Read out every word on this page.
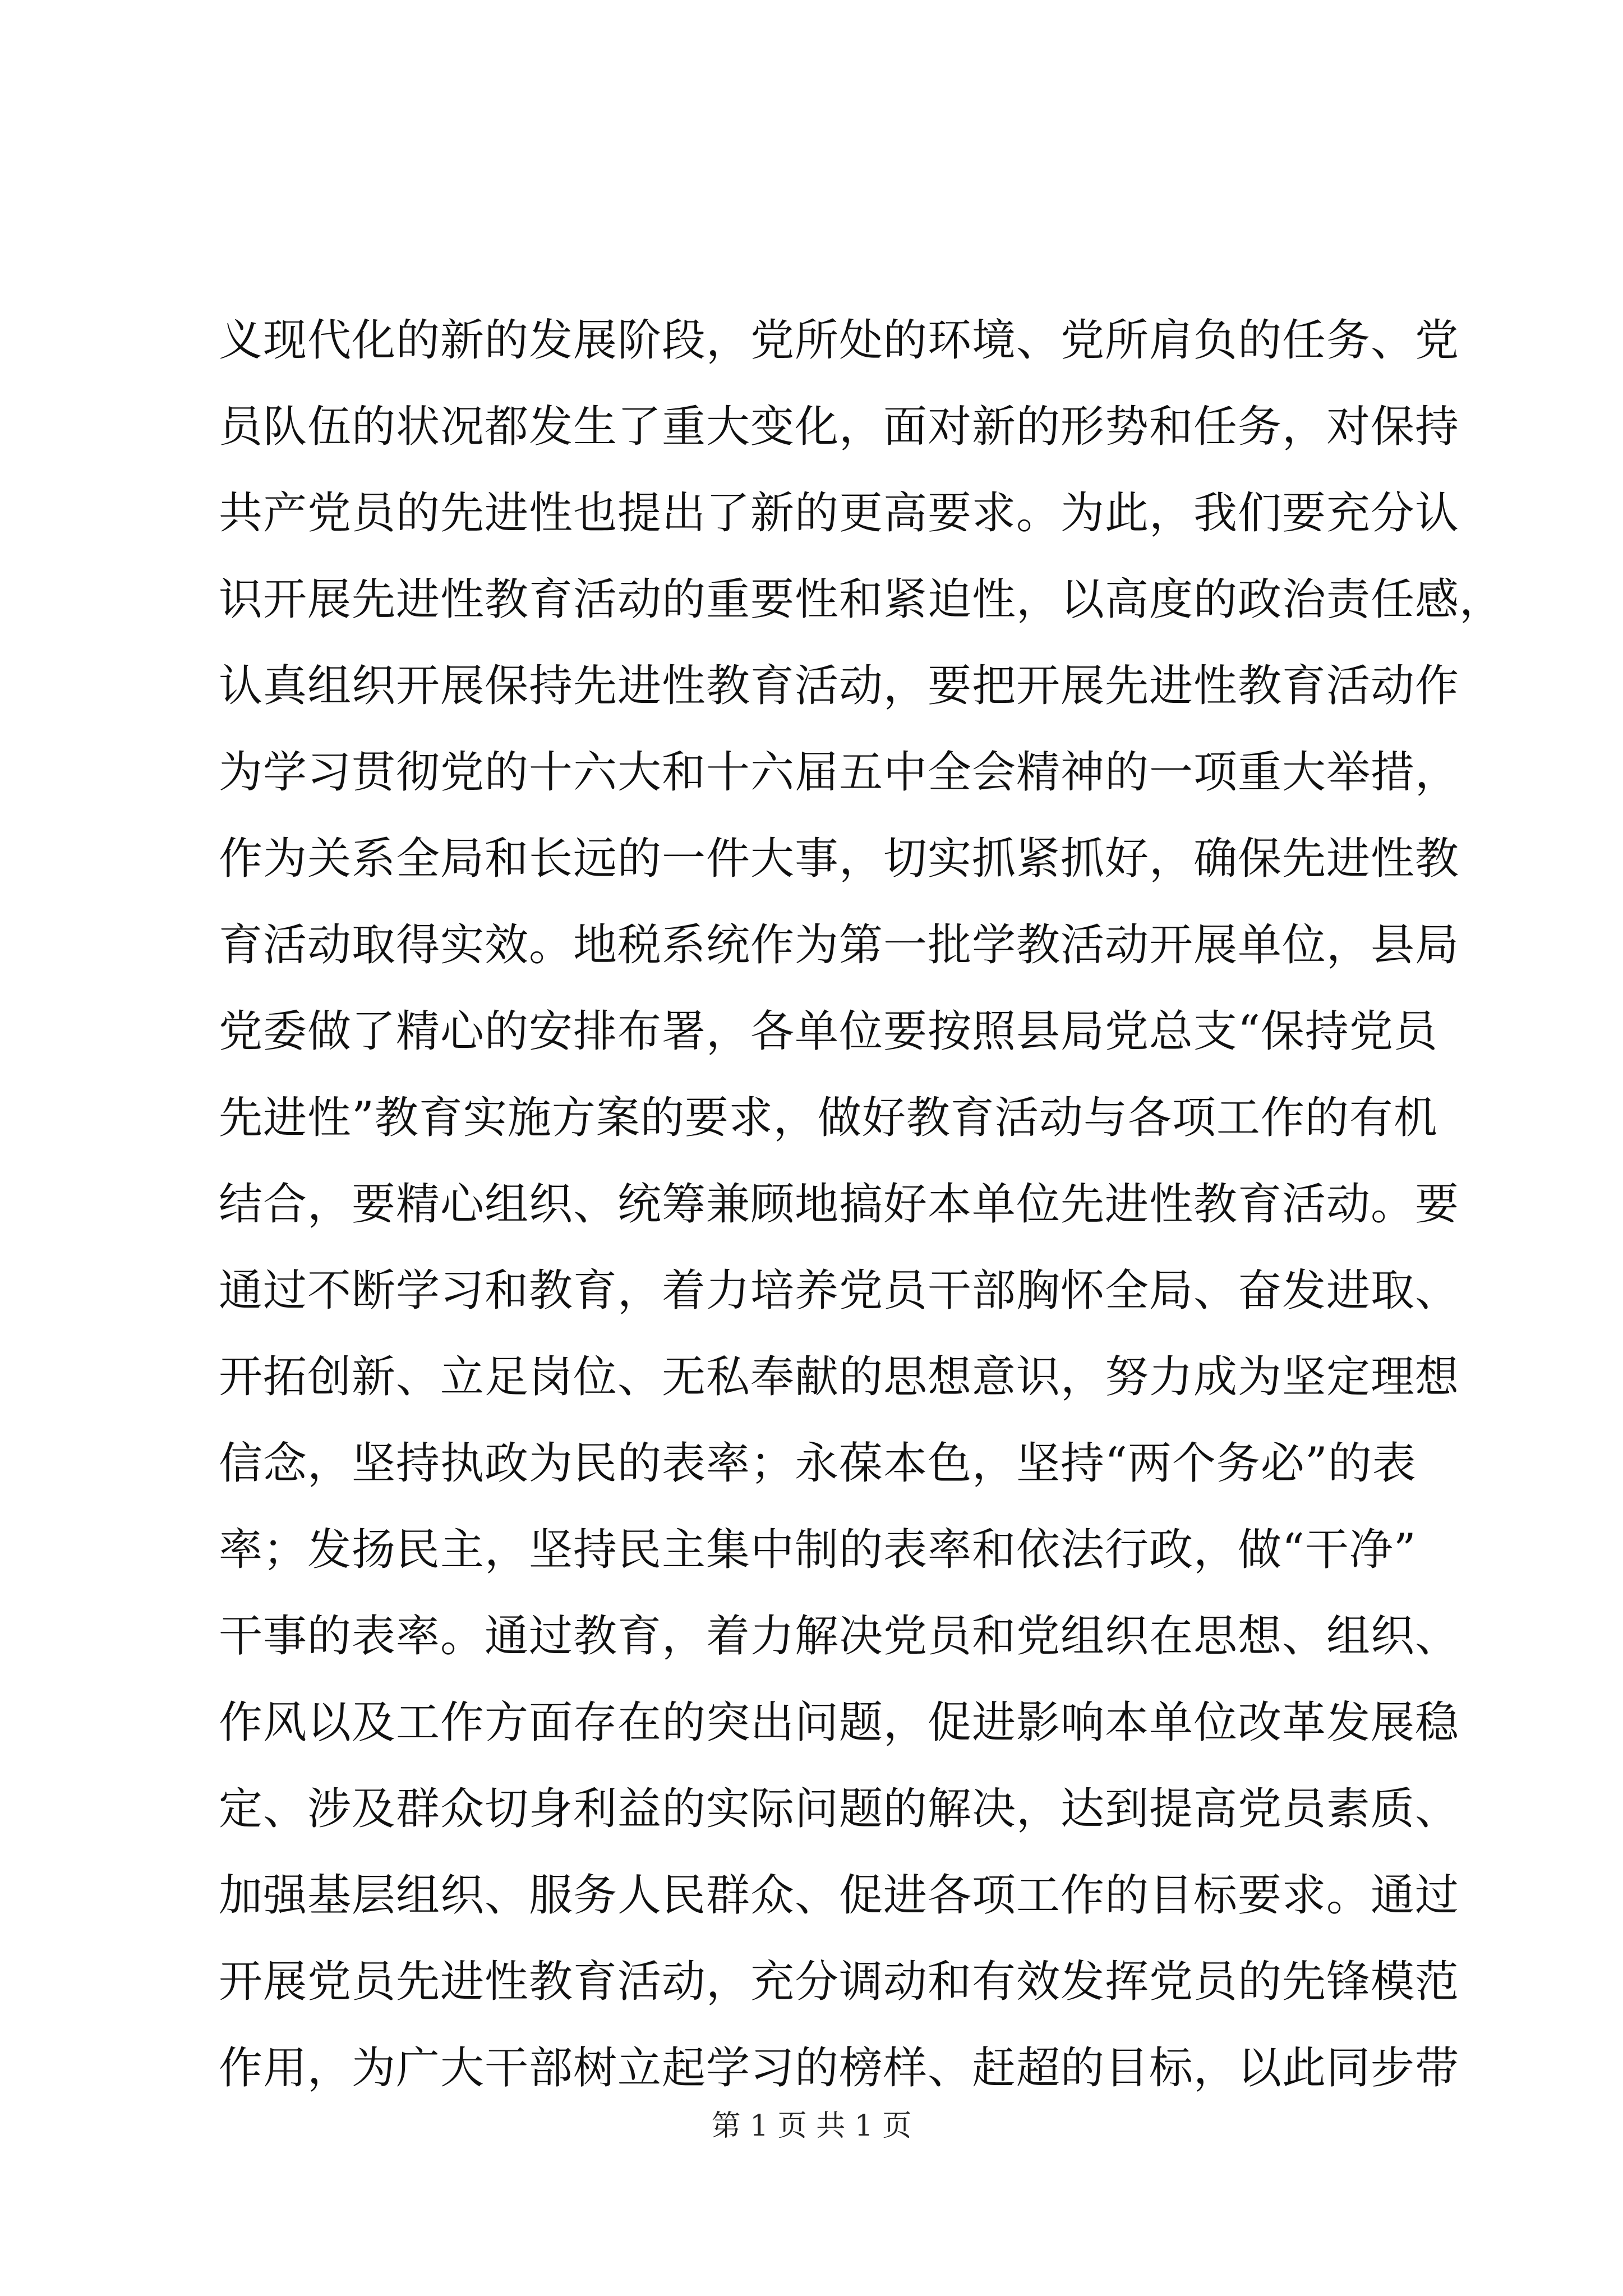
义现代化的新的发展阶段，党所处的环境、党所肩负的任务、党
员队伍的状况都发生了重大变化，面对新的形势和任务，对保持
共产党员的先进性也提出了新的更高要求。为此，我们要充分认
识开展先进性教育活动的重要性和紧迫性，以高度的政治责任感，
认真组织开展保持先进性教育活动，要把开展先进性教育活动作
为学习贯彻党的十六大和十六届五中全会精神的一项重大举措，
作为关系全局和长远的一件大事，切实抓紧抓好，确保先进性教
育活动取得实效。地税系统作为第一批学教活动开展单位，县局
党委做了精心的安排布署，各单位要按照县局党总支“保持党员
先进性”教育实施方案的要求，做好教育活动与各项工作的有机
结合，要精心组织、统筹兼顾地搞好本单位先进性教育活动。要
通过不断学习和教育，着力培养党员干部胸怀全局、奋发进取、
开拓创新、立足岗位、无私奉献的思想意识，努力成为坚定理想
信念，坚持执政为民的表率；永葆本色，坚持“两个务必”的表
率；发扬民主，坚持民主集中制的表率和依法行政，做“干净”
干事的表率。通过教育，着力解决党员和党组织在思想、组织、
作风以及工作方面存在的突出问题，促进影响本单位改革发展稳
定、涉及群众切身利益的实际问题的解决，达到提高党员素质、
加强基层组织、服务人民群众、促进各项工作的目标要求。通过
开展党员先进性教育活动，充分调动和有效发挥党员的先锋模范
作用，为广大干部树立起学习的榜样、赶超的目标，以此同步带
第 1 页 共 1 页
